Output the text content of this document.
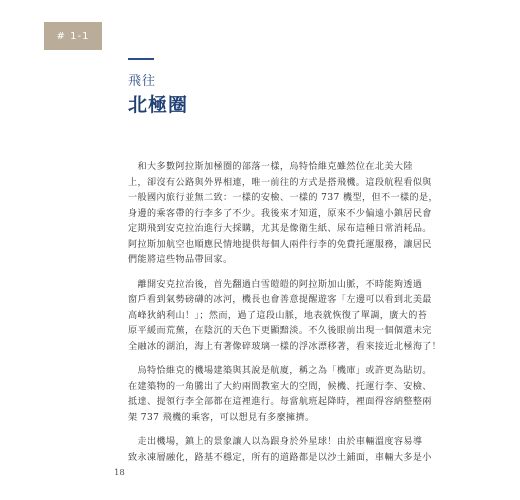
# 1-1
飛往
北極圈
　和大多數阿拉斯加極圈的部落一樣，烏特恰維克雖然位在北美大陸
上，卻沒有公路與外界相連，唯一前往的方式是搭飛機。這段航程看似與
一般國內旅行並無二致：一樣的安檢、一樣的 737 機型，但不一樣的是，
身邊的乘客帶的行李多了不少。我後來才知道，原來不少偏遠小鎮居民會
定期飛到安克拉治進行大採購，尤其是像衛生紙、尿布這種日常消耗品。
阿拉斯加航空也順應民情地提供每個人兩件行李的免費托運服務，讓居民
們能將這些物品帶回家。
　離開安克拉治後，首先翻過白雪皚皚的阿拉斯加山脈，不時能夠透過
窗戶看到氣勢磅礴的冰河，機長也會善意提醒遊客「左邊可以看到北美最
高峰狄納利山！」；然而，過了這段山脈，地表就恢復了單調，廣大的苔
原平緩而荒蕪，在陰沉的天色下更顯黯淡。不久後眼前出現一個個還未完
全融冰的湖泊，海上有著像碎玻璃一樣的浮冰漂移著，看來接近北極海了！
　烏特恰維克的機場建築與其說是航廈，稱之為「機庫」或許更為貼切。
在建築物的一角騰出了大約兩間教室大的空間，候機、托運行李、安檢、
抵達、提領行李全部都在這裡進行。每當航班起降時，裡面得容納整整兩
架 737 飛機的乘客，可以想見有多麼擁擠。
　走出機場，鎮上的景象讓人以為跟身於外星球！由於車輛溫度容易導
致永凍層融化，路基不穩定，所有的道路都是以沙土鋪面，車輛大多是小
18
